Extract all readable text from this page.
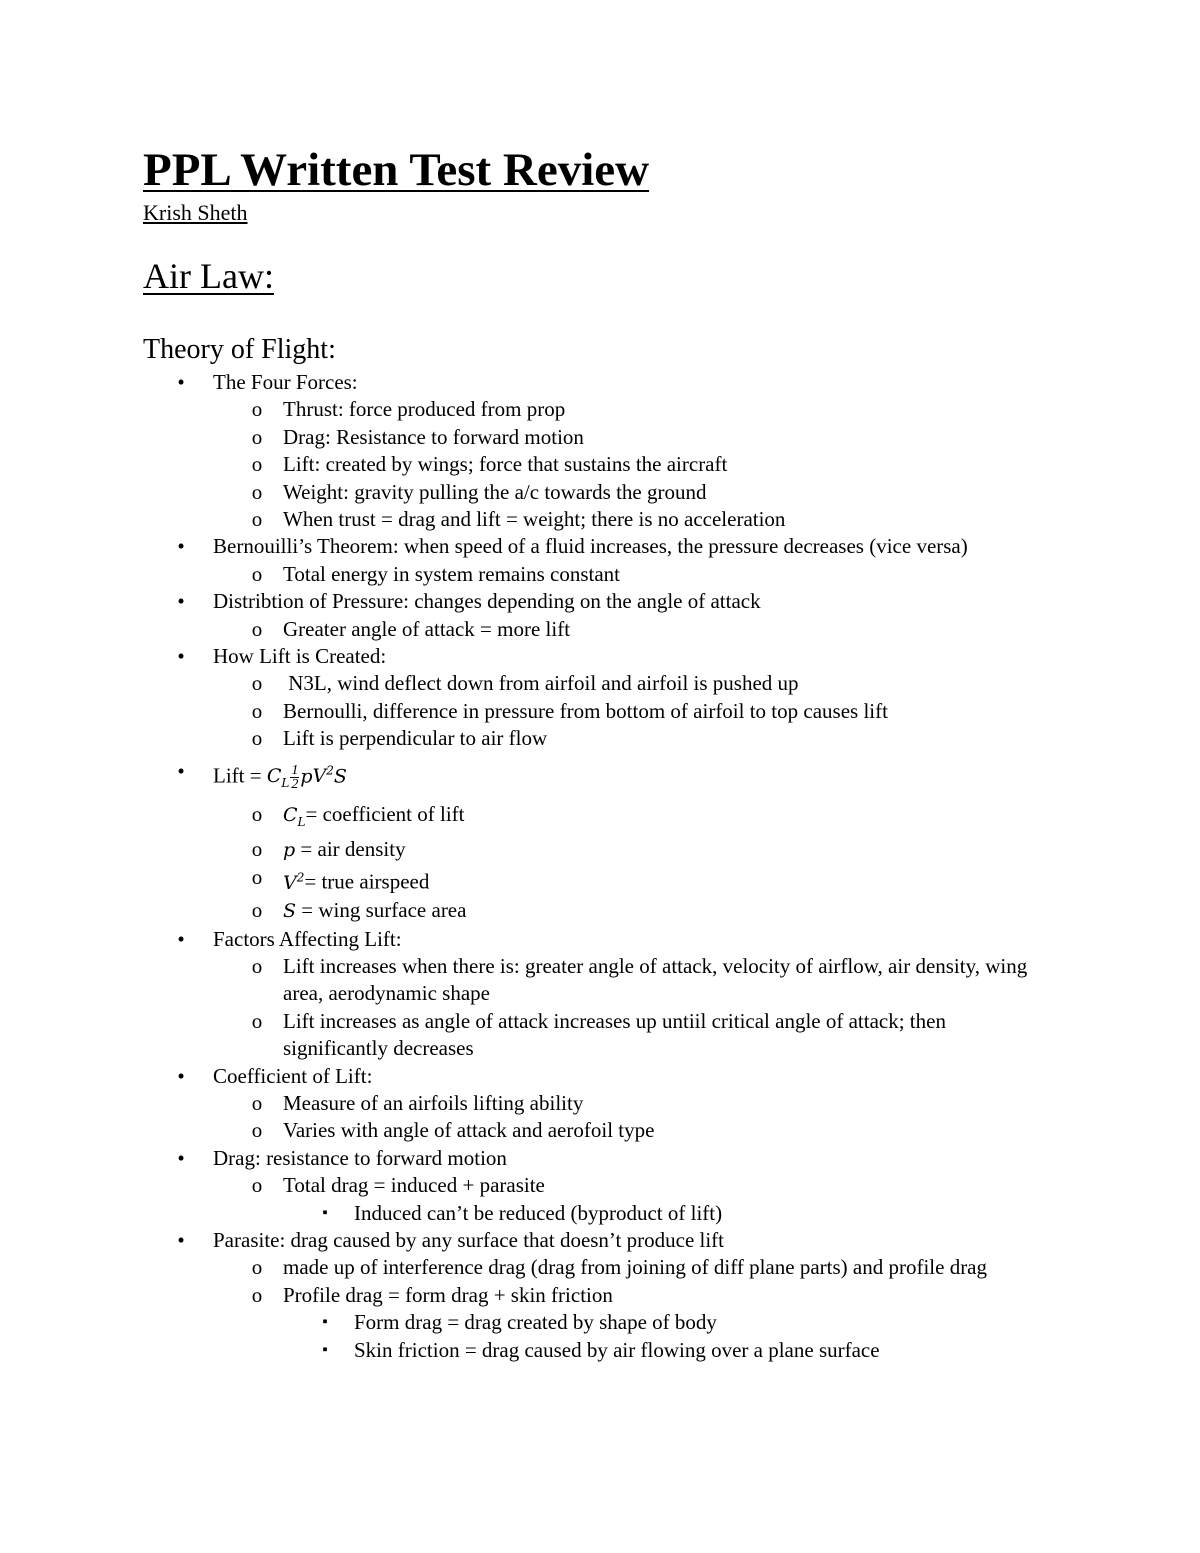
PPL Written Test Review
Krish Sheth
Air Law:
Theory of Flight:
•	The Four Forces:
o Thrust: force produced from prop
o Drag: Resistance to forward motion
o Lift: created by wings; force that sustains the aircraft
o Weight: gravity pulling the a/c towards the ground
o When trust = drag and lift = weight; there is no acceleration
•	Bernouilli’s Theorem: when speed of a fluid increases, the pressure decreases (vice versa)
o Total energy in system remains constant
•	Distribtion of Pressure: changes depending on the angle of attack
o Greater angle of attack = more lift
•	How Lift is Created:
o N3L, wind deflect down from airfoil and airfoil is pushed up
o Bernoulli, difference in pressure from bottom of airfoil to top causes lift
o Lift is perpendicular to air flow
•	Lift = $C_L \frac{1}{2} pV^2S$
o	$C_L=$ coefficient of lift
o	p = air density
o	$V^2=$ true airspeed
o	S = wing surface area
•	Factors Affecting Lift:
o Lift increases when there is: greater angle of attack, velocity of airflow, air density, wing area, aerodynamic shape
o Lift increases as angle of attack increases up untiil critical angle of attack; then significantly decreases
•	Coefficient of Lift:
o Measure of an airfoils lifting ability
o Varies with angle of attack and aerofoil type
•	Drag: resistance to forward motion
o Total drag = induced + parasite
▪	Induced can’t be reduced (byproduct of lift)
•	Parasite: drag caused by any surface that doesn’t produce lift
o made up of interference drag (drag from joining of diff plane parts) and profile drag
o Profile drag = form drag + skin friction
▪	Form drag = drag created by shape of body
▪	Skin friction = drag caused by air flowing over a plane surface
